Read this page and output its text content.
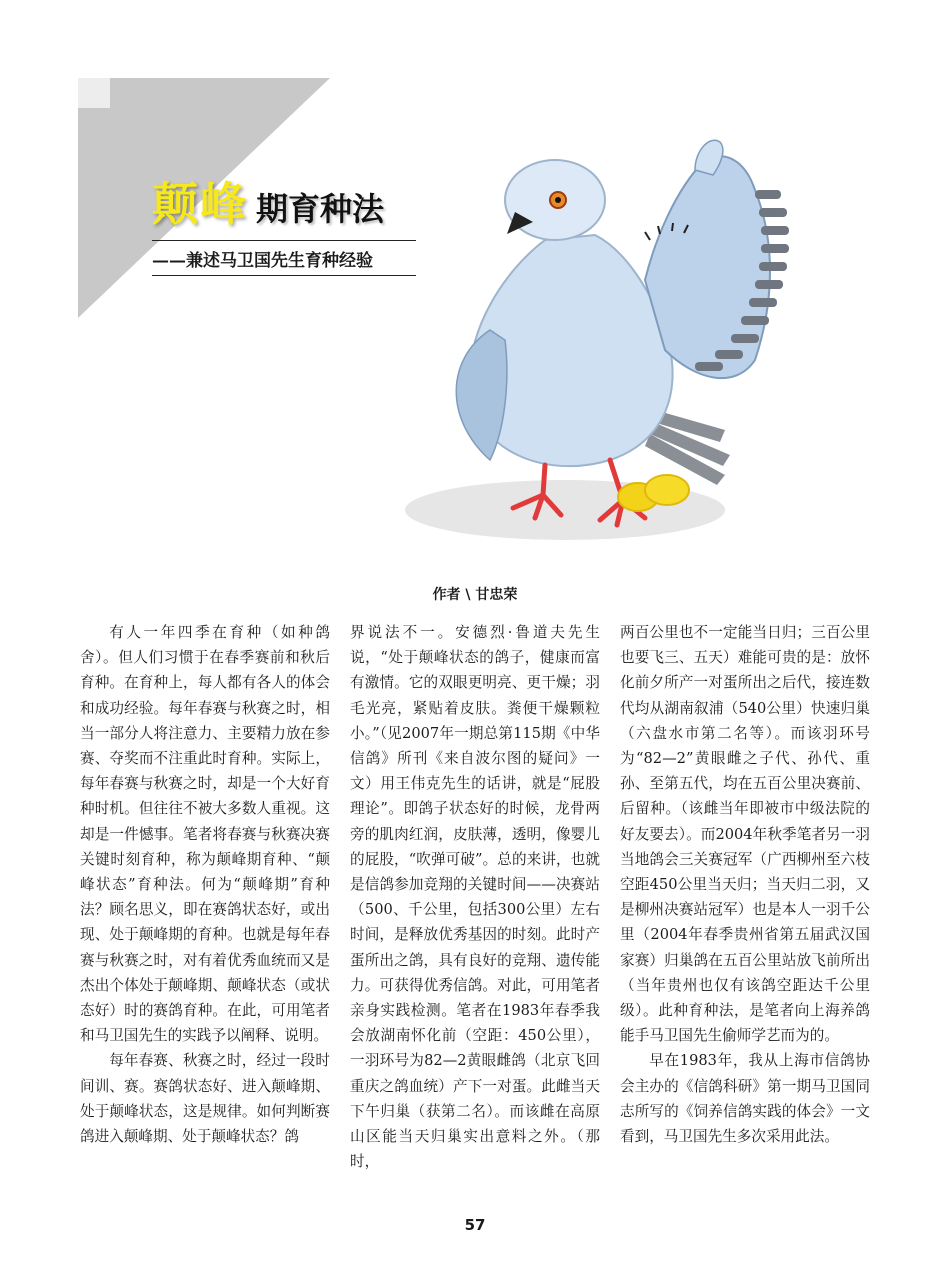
颠峰 期育种法
——兼述马卫国先生育种经验
作者 \ 甘忠荣

有人一年四季在育种（如种鸽舍）。但人们习惯于在春季赛前和秋后育种。在育种上，每人都有各人的体会和成功经验。每年春赛与秋赛之时，相当一部分人将注意力、主要精力放在参赛、夺奖而不注重此时育种。实际上，每年春赛与秋赛之时，却是一个大好育种时机。但往往不被大多数人重视。这却是一件憾事。笔者将春赛与秋赛决赛关键时刻育种，称为颠峰期育种、“颠峰状态”育种法。何为“颠峰期”育种法？顾名思义，即在赛鸽状态好，或出现、处于颠峰期的育种。也就是每年春赛与秋赛之时，对有着优秀血统而又是杰出个体处于颠峰期、颠峰状态（或状态好）时的赛鸽育种。在此，可用笔者和马卫国先生的实践予以阐释、说明。

每年春赛、秋赛之时，经过一段时间训、赛。赛鸽状态好、进入颠峰期、处于颠峰状态，这是规律。如何判断赛鸽进入颠峰期、处于颠峰状态？鸽

界说法不一。安德烈·鲁道夫先生说，“处于颠峰状态的鸽子，健康而富有激情。它的双眼更明亮、更干燥；羽毛光亮，紧贴着皮肤。粪便干燥颗粒小。”（见2007年一期总第115期《中华信鸽》所刊《来自波尔图的疑问》一文）用王伟克先生的话讲，就是“屁股理论”。即鸽子状态好的时候，龙骨两旁的肌肉红润，皮肤薄，透明，像婴儿的屁股，“吹弹可破”。总的来讲，也就是信鸽参加竞翔的关键时间——决赛站（500、千公里，包括300公里）左右时间，是释放优秀基因的时刻。此时产蛋所出之鸽，具有良好的竞翔、遗传能力。可获得优秀信鸽。对此，可用笔者亲身实践检测。笔者在1983年春季我会放湖南怀化前（空距：450公里），一羽环号为82—2黄眼雌鸽（北京飞回重庆之鸽血统）产下一对蛋。此雌当天下午归巢（获第二名）。而该雌在高原山区能当天归巢实出意料之外。（那时，

两百公里也不一定能当日归；三百公里也要飞三、五天）难能可贵的是：放怀化前夕所产一对蛋所出之后代，接连数代均从湖南叙浦（540公里）快速归巢（六盘水市第二名等）。而该羽环号为“82—2”黄眼雌之子代、孙代、重孙、至第五代，均在五百公里决赛前、后留种。（该雌当年即被市中级法院的好友要去）。而2004年秋季笔者另一羽当地鸽会三关赛冠军（广西柳州至六枝空距450公里当天归；当天归二羽，又是柳州决赛站冠军）也是本人一羽千公里（2004年春季贵州省第五届武汉国家赛）归巢鸽在五百公里站放飞前所出（当年贵州也仅有该鸽空距达千公里级）。此种育种法，是笔者向上海养鸽能手马卫国先生偷师学艺而为的。

早在1983年，我从上海市信鸽协会主办的《信鸽科研》第一期马卫国同志所写的《饲养信鸽实践的体会》一文看到，马卫国先生多次采用此法。

57
